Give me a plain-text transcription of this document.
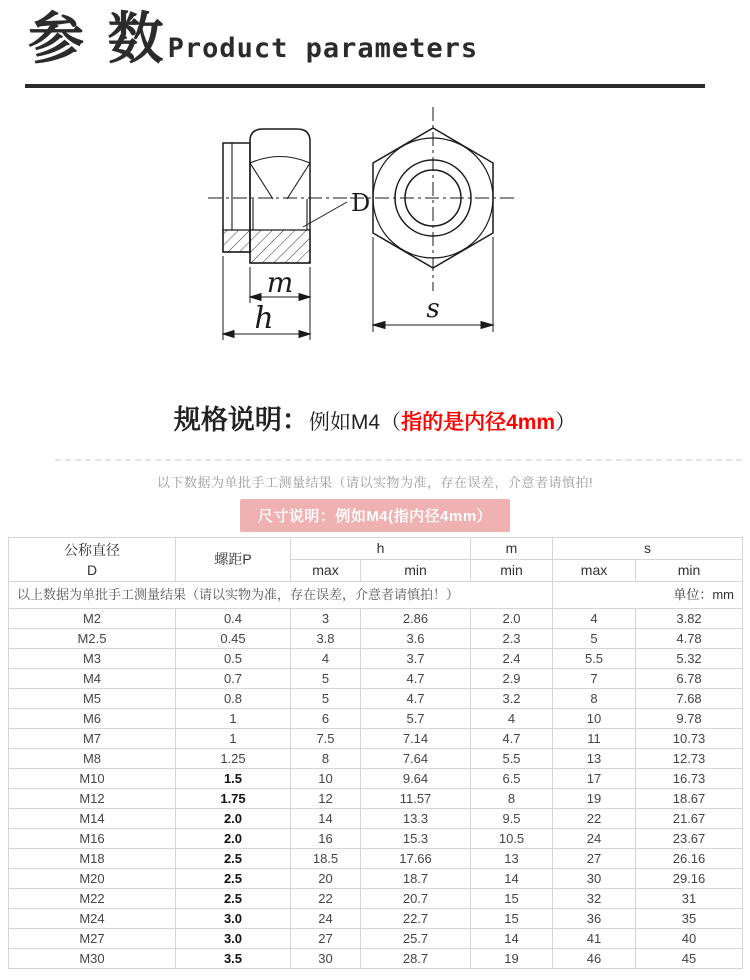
参 数 Product parameters
D
m
h	s
规格说明：例如M4（指的是内径4mm）
以下数据为单批手工测量结果（请以实物为准，存在误差，介意者请慎拍!
尺寸说明：例如M4(指内径4mm）
以上数据为单批手工测量结果（请以实物为准，存在误差，介意者请慎拍！）					单位：mm	

公称直径
D	螺距P	h		m	s	
		max	min	min	max	min
M2	0.4	3	2.86	2.0	4	3.82
M2.5	0.45	3.8	3.6	2.3	5	4.78
M3	0.5	4	3.7	2.4	5.5	5.32
M4	0.7	5	4.7	2.9	7	6.78
M5	0.8	5	4.7	3.2	8	7.68
M6	1	6	5.7	4	10	9.78
M7	1	7.5	7.14	4.7	11	10.73
M8	1.25	8	7.64	5.5	13	12.73
M10	1.5	10	9.64	6.5	17	16.73
M12	1.75	12	11.57	8	19	18.67
M14	2.0	14	13.3	9.5	22	21.67
M16	2.0	16	15.3	10.5	24	23.67
M18	2.5	18.5	17.66	13	27	26.16
M20	2.5	20	18.7	14	30	29.16
M22	2.5	22	20.7	15	32	31
M24	3.0	24	22.7	15	36	35
M27	3.0	27	25.7	14	41	40
M30	3.5	30	28.7	19	46	45
